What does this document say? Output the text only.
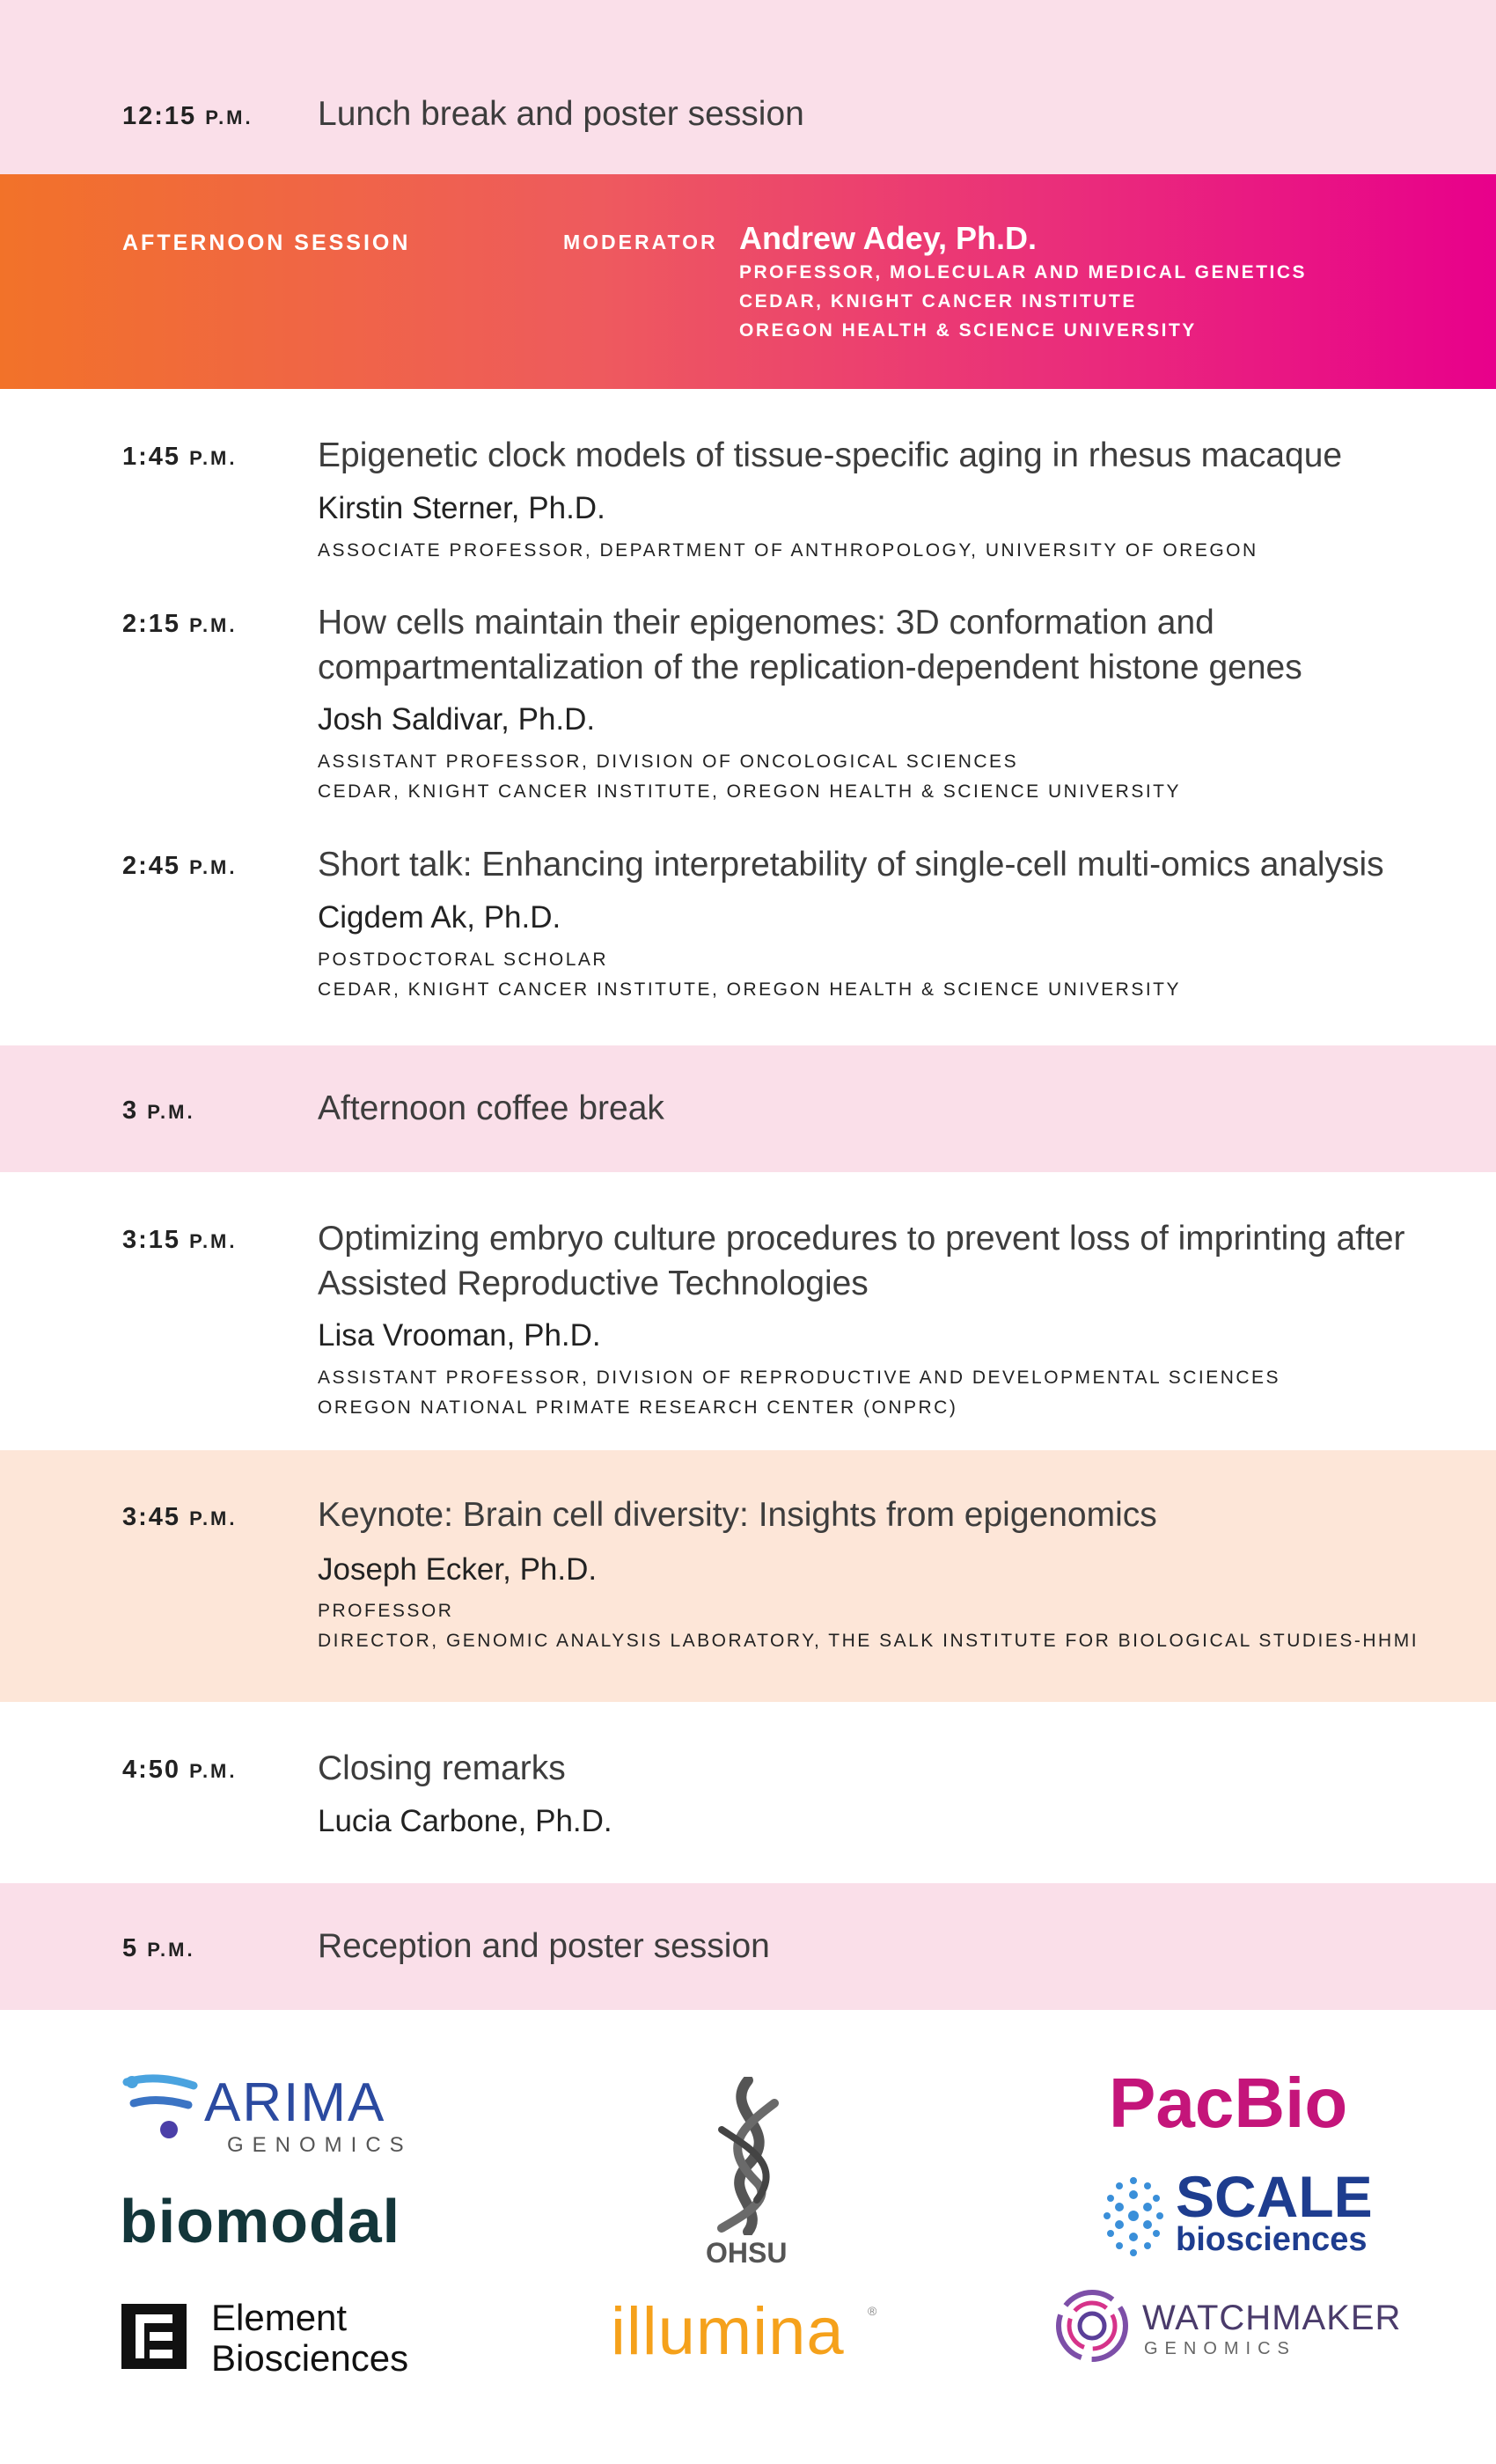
12:15 P.M. Lunch break and poster session
AFTERNOON SESSION	MODERATOR Andrew Adey, Ph.D.
PROFESSOR, MOLECULAR AND MEDICAL GENETICS
CEDAR, KNIGHT CANCER INSTITUTE
OREGON HEALTH & SCIENCE UNIVERSITY
1:45 P.M. Epigenetic clock models of tissue-specific aging in rhesus macaque
Kirstin Sterner, Ph.D.
ASSOCIATE PROFESSOR, DEPARTMENT OF ANTHROPOLOGY, UNIVERSITY OF OREGON
2:15 P.M. How cells maintain their epigenomes: 3D conformation and compartmentalization of the replication-dependent histone genes
Josh Saldivar, Ph.D.
ASSISTANT PROFESSOR, DIVISION OF ONCOLOGICAL SCIENCES
CEDAR, KNIGHT CANCER INSTITUTE, OREGON HEALTH & SCIENCE UNIVERSITY
2:45 P.M. Short talk: Enhancing interpretability of single-cell multi-omics analysis
Cigdem Ak, Ph.D.
POSTDOCTORAL SCHOLAR
CEDAR, KNIGHT CANCER INSTITUTE, OREGON HEALTH & SCIENCE UNIVERSITY
3 P.M.	Afternoon coffee break
3:15 P.M. Optimizing embryo culture procedures to prevent loss of imprinting after Assisted Reproductive Technologies
Lisa Vrooman, Ph.D.
ASSISTANT PROFESSOR, DIVISION OF REPRODUCTIVE AND DEVELOPMENTAL SCIENCES
OREGON NATIONAL PRIMATE RESEARCH CENTER (ONPRC)
3:45 P.M. Keynote: Brain cell diversity: Insights from epigenomics
Joseph Ecker, Ph.D.
PROFESSOR
DIRECTOR, GENOMIC ANALYSIS LABORATORY, THE SALK INSTITUTE FOR BIOLOGICAL STUDIES-HHMI
4:50 P.M. Closing remarks
Lucia Carbone, Ph.D.
5 P.M.	Reception and poster session
ARIMA
GENOMICS
biomodal
Element
Biosciences
OHSU
illumina	®
PacBio
SCALE
biosciences
WATCHMAKER
GENOMICS
